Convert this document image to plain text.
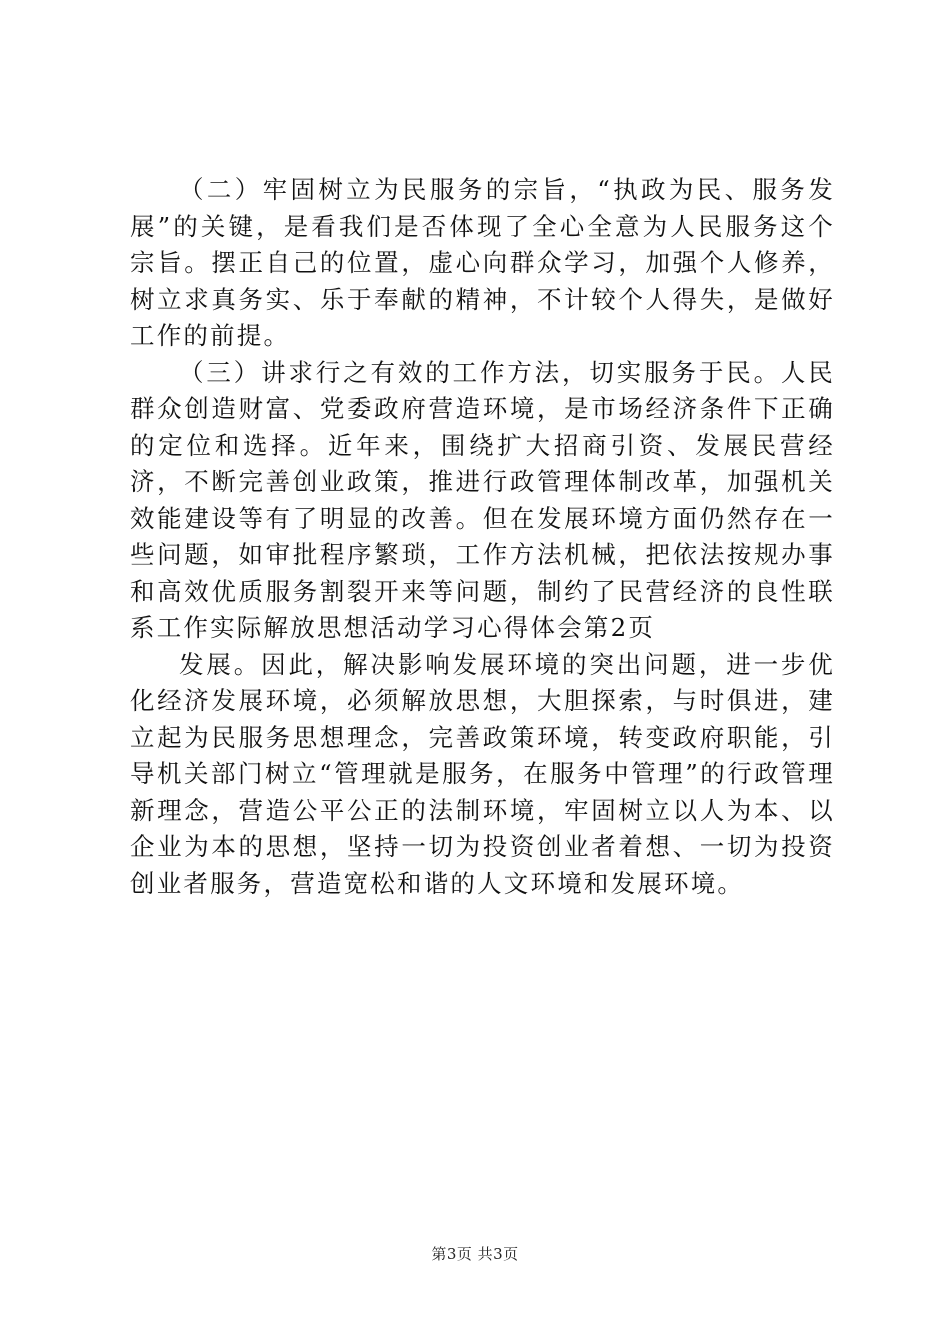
（二）牢固树立为民服务的宗旨，“执政为民、服务发展”的关键，是看我们是否体现了全心全意为人民服务这个宗旨。摆正自己的位置，虚心向群众学习，加强个人修养，树立求真务实、乐于奉献的精神，不计较个人得失，是做好工作的前提。

（三）讲求行之有效的工作方法，切实服务于民。人民群众创造财富、党委政府营造环境，是市场经济条件下正确的定位和选择。近年来，围绕扩大招商引资、发展民营经济，不断完善创业政策，推进行政管理体制改革，加强机关效能建设等有了明显的改善。但在发展环境方面仍然存在一些问题，如审批程序繁琐，工作方法机械，把依法按规办事和高效优质服务割裂开来等问题，制约了民营经济的良性联系工作实际解放思想活动学习心得体会第2页

发展。因此，解决影响发展环境的突出问题，进一步优化经济发展环境，必须解放思想，大胆探索，与时俱进，建立起为民服务思想理念，完善政策环境，转变政府职能，引导机关部门树立“管理就是服务，在服务中管理”的行政管理新理念，营造公平公正的法制环境，牢固树立以人为本、以企业为本的思想，坚持一切为投资创业者着想、一切为投资创业者服务，营造宽松和谐的人文环境和发展环境。

第3页 共3页
